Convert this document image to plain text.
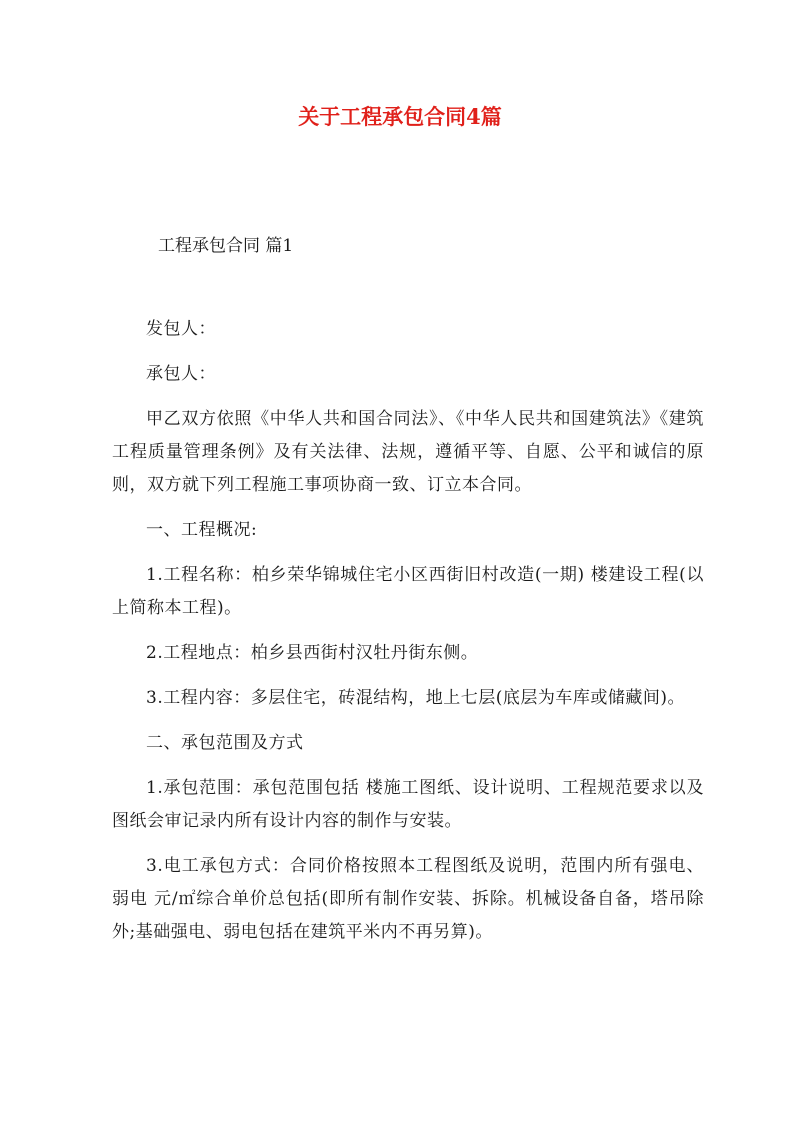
关于工程承包合同4篇
工程承包合同 篇1

发包人：

承包人：

甲乙双方依照《中华人共和国合同法》、《中华人民共和国建筑法》《建筑工程质量管理条例》及有关法律、法规，遵循平等、自愿、公平和诚信的原则，双方就下列工程施工事项协商一致、订立本合同。

一、工程概况:

1.工程名称：柏乡荣华锦城住宅小区西街旧村改造(一期) 楼建设工程(以上简称本工程)。

2.工程地点：柏乡县西街村汉牡丹街东侧。

3.工程内容：多层住宅，砖混结构，地上七层(底层为车库或储藏间)。

二、承包范围及方式

1.承包范围：承包范围包括 楼施工图纸、设计说明、工程规范要求以及图纸会审记录内所有设计内容的制作与安装。

3.电工承包方式：合同价格按照本工程图纸及说明，范围内所有强电、弱电 元/㎡综合单价总包括(即所有制作安装、拆除。机械设备自备，塔吊除外;基础强电、弱电包括在建筑平米内不再另算)。
